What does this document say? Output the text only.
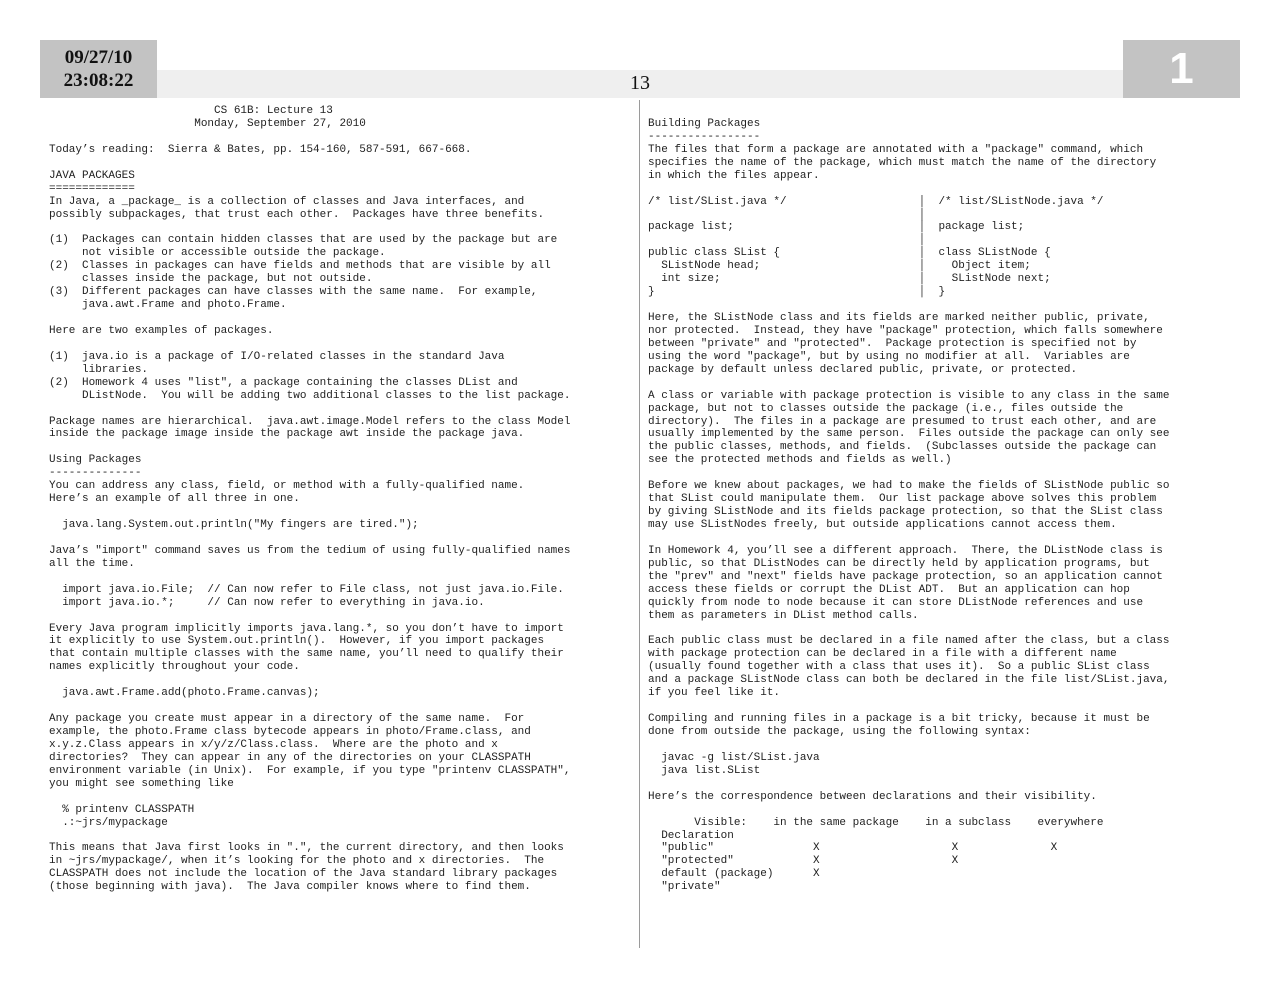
09/27/10
23:08:22	13	1
CS 61B: Lecture 13
Monday, September 27, 2010
Today’s reading:  Sierra & Bates, pp. 154-160, 587-591, 667-668.
JAVA PACKAGES
=============
In Java, a _package_ is a collection of classes and Java interfaces, and
possibly subpackages, that trust each other.  Packages have three benefits.
(1)  Packages can contain hidden classes that are used by the package but are
not visible or accessible outside the package.
(2)  Classes in packages can have fields and methods that are visible by all
classes inside the package, but not outside.
(3)  Different packages can have classes with the same name.  For example,
java.awt.Frame and photo.Frame.
Here are two examples of packages.
(1)  java.io is a package of I/O-related classes in the standard Java
libraries.
(2)  Homework 4 uses "list", a package containing the classes DList and
DListNode.  You will be adding two additional classes to the list package.
Package names are hierarchical.  java.awt.image.Model refers to the class Model
inside the package image inside the package awt inside the package java.
Using Packages
--------------
You can address any class, field, or method with a fully-qualified name.
Here’s an example of all three in one.
java.lang.System.out.println("My fingers are tired.");
Java’s "import" command saves us from the tedium of using fully-qualified names
all the time.
import java.io.File;  // Can now refer to File class, not just java.io.File.
import java.io.*;     // Can now refer to everything in java.io.
Every Java program implicitly imports java.lang.*, so you don’t have to import
it explicitly to use System.out.println().  However, if you import packages
that contain multiple classes with the same name, you’ll need to qualify their
names explicitly throughout your code.
java.awt.Frame.add(photo.Frame.canvas);
Any package you create must appear in a directory of the same name.  For
example, the photo.Frame class bytecode appears in photo/Frame.class, and
x.y.z.Class appears in x/y/z/Class.class.  Where are the photo and x
directories?  They can appear in any of the directories on your CLASSPATH
environment variable (in Unix).  For example, if you type "printenv CLASSPATH",
you might see something like
% printenv CLASSPATH
.:~jrs/mypackage
This means that Java first looks in ".", the current directory, and then looks
in ~jrs/mypackage/, when it’s looking for the photo and x directories.  The
CLASSPATH does not include the location of the Java standard library packages
(those beginning with java).  The Java compiler knows where to find them.
Building Packages
-----------------
The files that form a package are annotated with a "package" command, which
specifies the name of the package, which must match the name of the directory
in which the files appear.
/* list/SList.java */                    │  /* list/SListNode.java */
│
package list;                            │  package list;
│
public class SList {                     │  class SListNode {
SListNode head;                        │    Object item;
int size;                              │    SListNode next;
}                                        │  }
Here, the SListNode class and its fields are marked neither public, private,
nor protected.  Instead, they have "package" protection, which falls somewhere
between "private" and "protected".  Package protection is specified not by
using the word "package", but by using no modifier at all.  Variables are
package by default unless declared public, private, or protected.
A class or variable with package protection is visible to any class in the same
package, but not to classes outside the package (i.e., files outside the
directory).  The files in a package are presumed to trust each other, and are
usually implemented by the same person.  Files outside the package can only see
the public classes, methods, and fields.  (Subclasses outside the package can
see the protected methods and fields as well.)
Before we knew about packages, we had to make the fields of SListNode public so
that SList could manipulate them.  Our list package above solves this problem
by giving SListNode and its fields package protection, so that the SList class
may use SListNodes freely, but outside applications cannot access them.
In Homework 4, you’ll see a different approach.  There, the DListNode class is
public, so that DListNodes can be directly held by application programs, but
the "prev" and "next" fields have package protection, so an application cannot
access these fields or corrupt the DList ADT.  But an application can hop
quickly from node to node because it can store DListNode references and use
them as parameters in DList method calls.
Each public class must be declared in a file named after the class, but a class
with package protection can be declared in a file with a different name
(usually found together with a class that uses it).  So a public SList class
and a package SListNode class can both be declared in the file list/SList.java,
if you feel like it.
Compiling and running files in a package is a bit tricky, because it must be
done from outside the package, using the following syntax:
javac -g list/SList.java
java list.SList
Here’s the correspondence between declarations and their visibility.
Visible:    in the same package    in a subclass    everywhere
Declaration
"public"               X                    X              X
"protected"            X                    X
default (package)      X
"private"
